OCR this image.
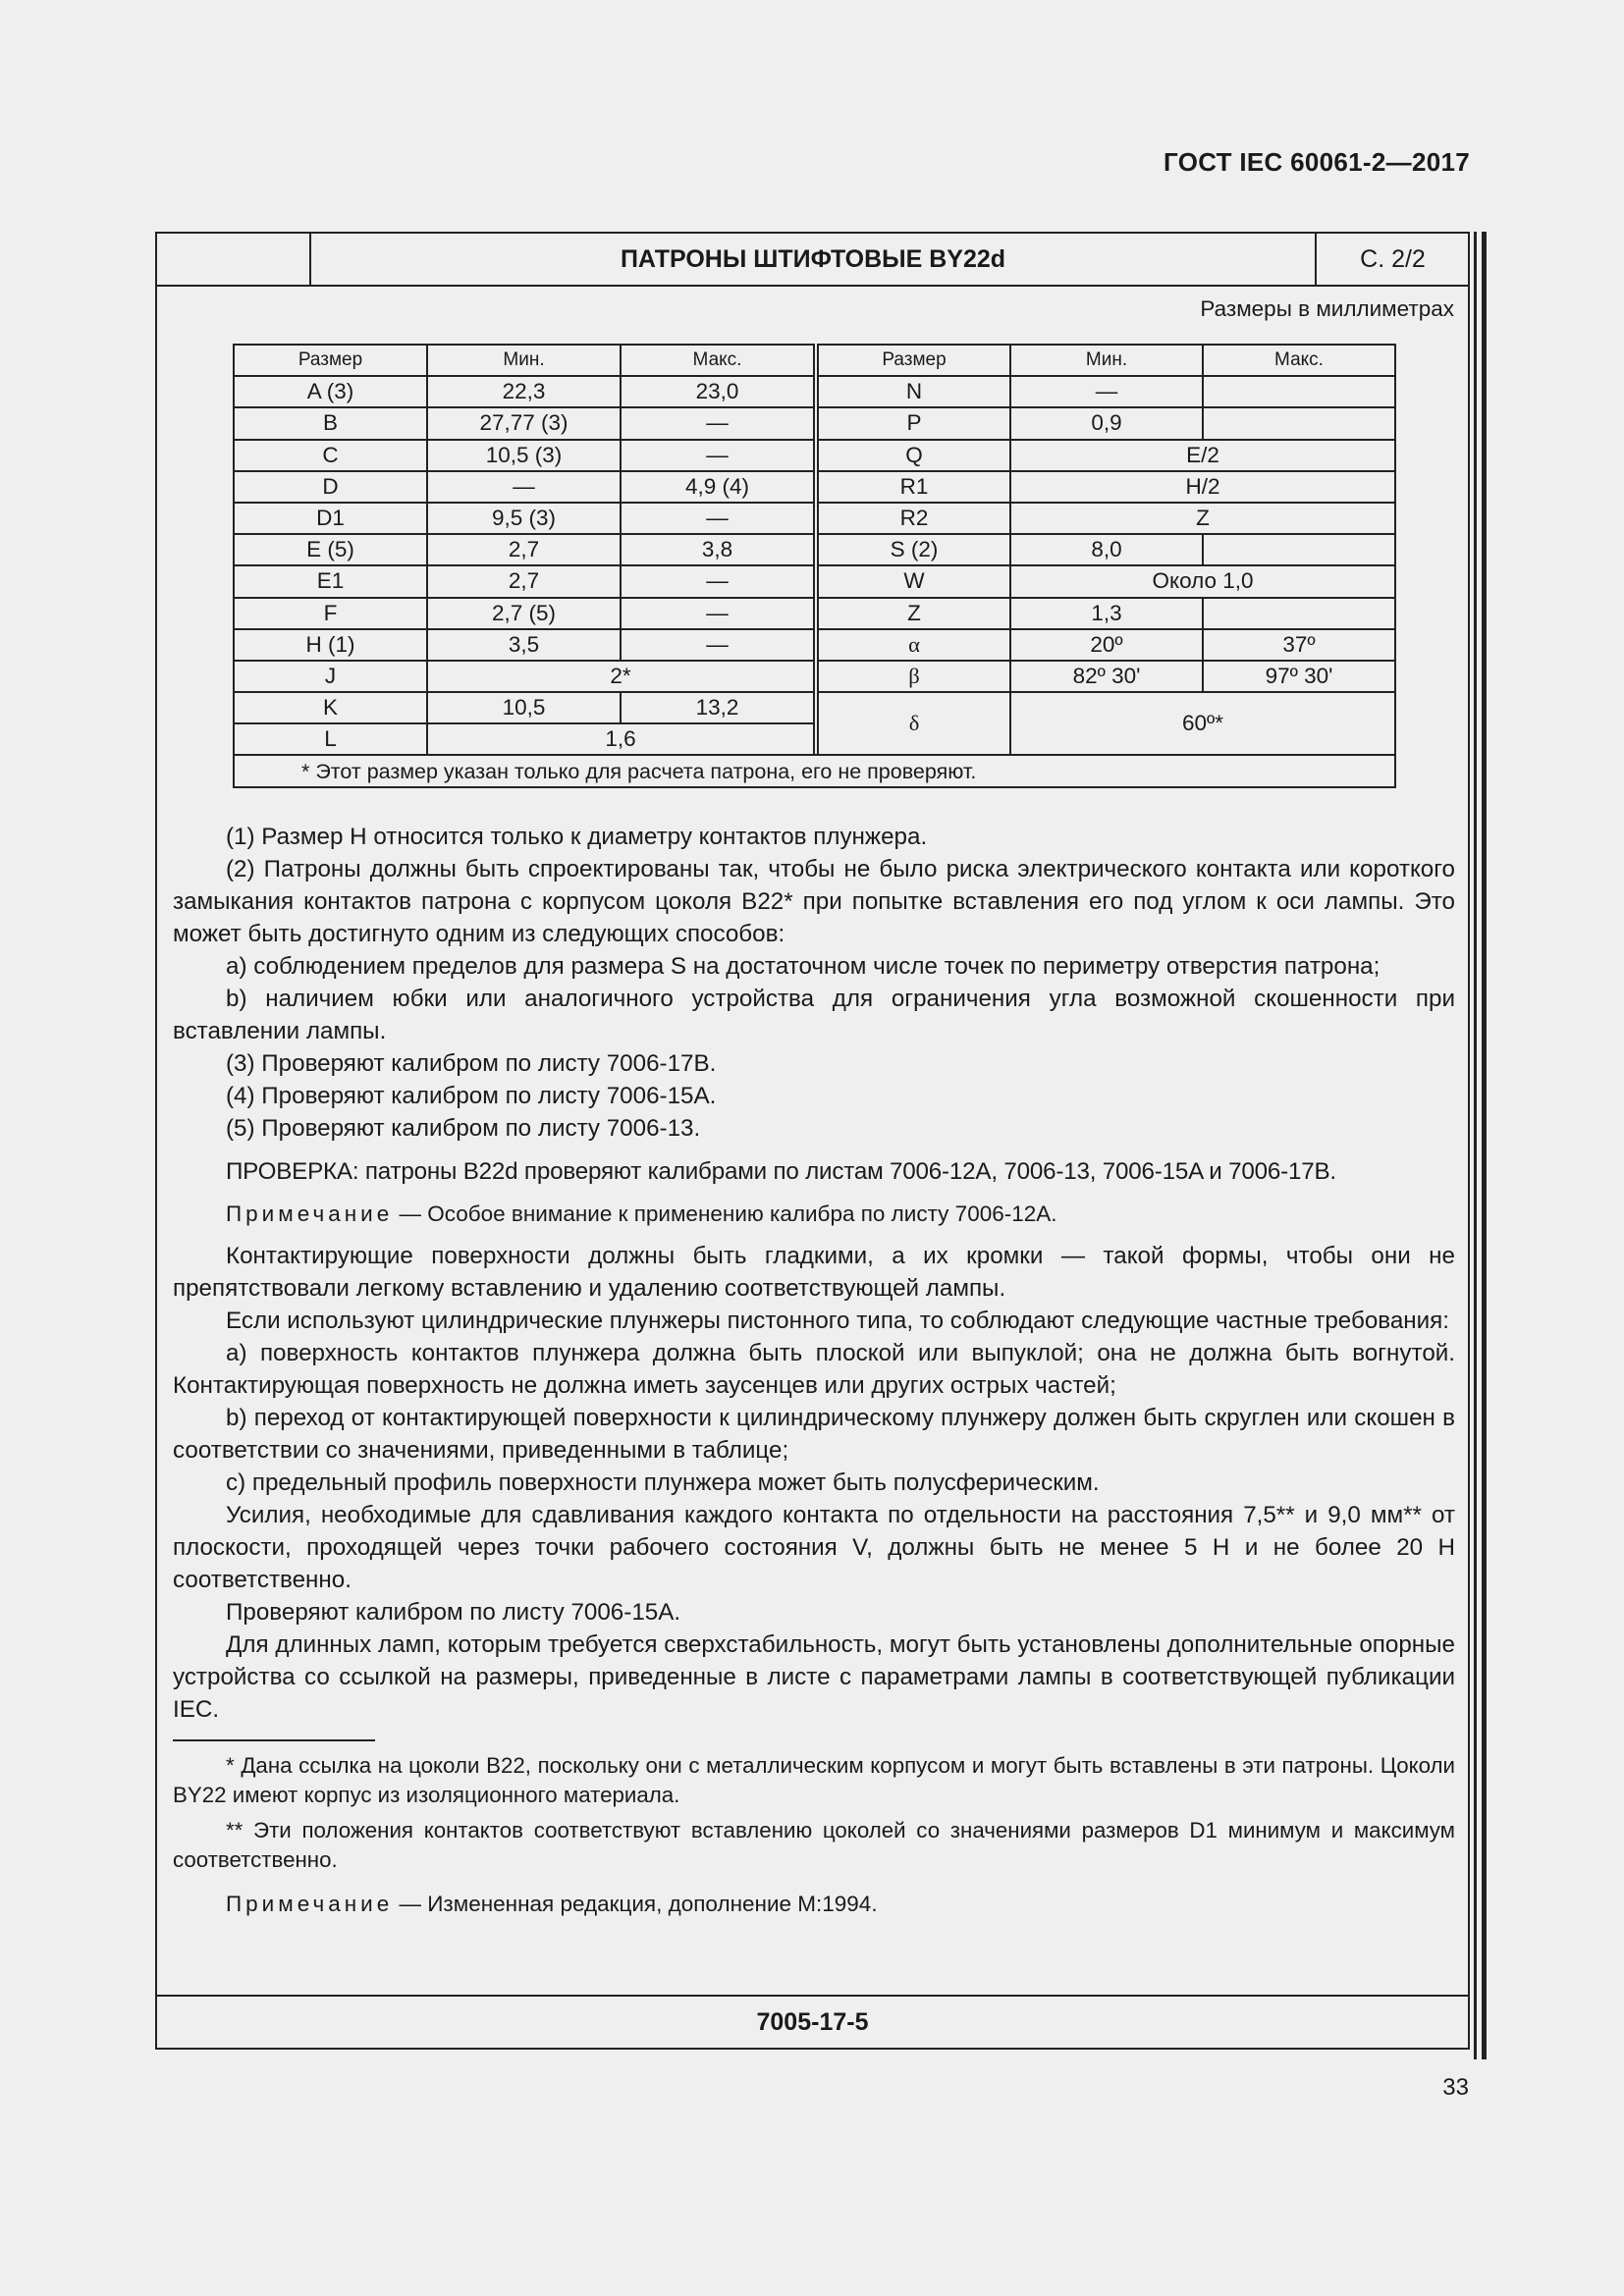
ГОСТ IEC 60061-2—2017
ПАТРОНЫ ШТИФТОВЫЕ BY22d	С. 2/2
Размеры в миллиметрах
Размер	Мин.	Макс.		Размер	Мин.	Макс.
A (3)	22,3	23,0		N	—	
B	27,77 (3)	—		P	0,9	
C	10,5 (3)	—		Q	E/2	
D	—	4,9 (4)		R1	H/2	
D1	9,5 (3)	—		R2	Z	
E (5)	2,7	3,8		S (2)	8,0	
E1	2,7	—		W	Около 1,0	
F	2,7 (5)	—		Z	1,3	
H (1)	3,5	—		α	20º	37º
J	2*			β	82º 30'	97º 30'
K	10,5	13,2		δ	60º*	
L	1,6					
* Этот размер указан только для расчета патрона, его не проверяют.						

(1) Размер H относится только к диаметру контактов плунжера.

(2) Патроны должны быть спроектированы так, чтобы не было риска электрического контакта или короткого замыкания контактов патрона с корпусом цоколя B22* при попытке вставления его под углом к оси лампы. Это может быть достигнуто одним из следующих способов:

a) соблюдением пределов для размера S на достаточном числе точек по периметру отверстия патрона;

b) наличием юбки или аналогичного устройства для ограничения угла возможной скошенности при вставлении лампы.

(3) Проверяют калибром по листу 7006-17B.

(4) Проверяют калибром по листу 7006-15A.

(5) Проверяют калибром по листу 7006-13.

ПРОВЕРКА: патроны B22d проверяют калибрами по листам 7006-12A, 7006-13, 7006-15A и 7006-17B.

Примечание — Особое внимание к применению калибра по листу 7006-12A.

Контактирующие поверхности должны быть гладкими, а их кромки — такой формы, чтобы они не препятствовали легкому вставлению и удалению соответствующей лампы.

Если используют цилиндрические плунжеры пистонного типа, то соблюдают следующие частные требования:

a) поверхность контактов плунжера должна быть плоской или выпуклой; она не должна быть вогнутой. Контактирующая поверхность не должна иметь заусенцев или других острых частей;

b) переход от контактирующей поверхности к цилиндрическому плунжеру должен быть скруглен или скошен в соответствии со значениями, приведенными в таблице;

c) предельный профиль поверхности плунжера может быть полусферическим.

Усилия, необходимые для сдавливания каждого контакта по отдельности на расстояния 7,5** и 9,0 мм** от плоскости, проходящей через точки рабочего состояния V, должны быть не менее 5 Н и не более 20 Н соответственно.

Проверяют калибром по листу 7006-15A.

Для длинных ламп, которым требуется сверхстабильность, могут быть установлены дополнительные опорные устройства со ссылкой на размеры, приведенные в листе с параметрами лампы в соответствующей публикации IEC.

* Дана ссылка на цоколи B22, поскольку они с металлическим корпусом и могут быть вставлены в эти патроны. Цоколи BY22 имеют корпус из изоляционного материала.

** Эти положения контактов соответствуют вставлению цоколей со значениями размеров D1 минимум и максимум соответственно.

Примечание — Измененная редакция, дополнение M:1994.

7005-17-5
33
